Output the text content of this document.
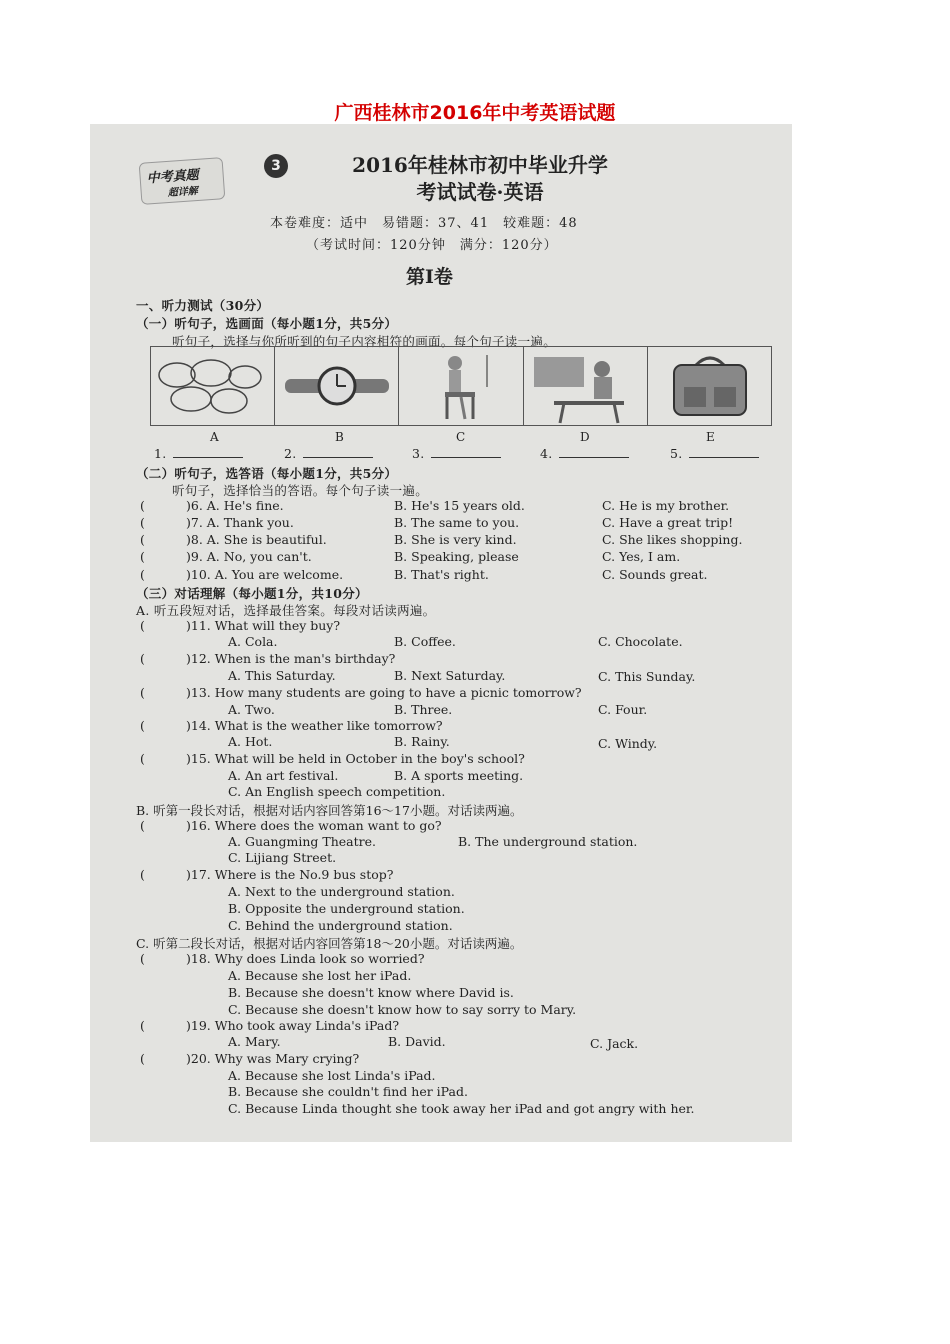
广西桂林市2016年中考英语试题
中考真题
超详解
3	2016年桂林市初中毕业升学
考试试卷·英语
本卷难度：适中　易错题：37、41　较难题：48
（考试时间：120分钟　满分：120分）
第Ⅰ卷
一、听力测试（30分）
（一）听句子，选画面（每小题1分，共5分）
听句子，选择与你所听到的句子内容相符的画面。每个句子读一遍。
A	B	C	D	E
1.	2.	3.	4.	5.
（二）听句子，选答语（每小题1分，共5分）
听句子，选择恰当的答语。每个句子读一遍。
(	)6. A. He's fine.	B. He's 15 years old.	C. He is my brother.
(	)7. A. Thank you.	B. The same to you.	C. Have a great trip!
(	)8. A. She is beautiful.	B. She is very kind.	C. She likes shopping.
(	)9. A. No, you can't.	B. Speaking, please	C. Yes, I am.
(	)10. A. You are welcome.	B. That's right.	C. Sounds great.
（三）对话理解（每小题1分，共10分）
A. 听五段短对话，选择最佳答案。每段对话读两遍。
(	)11. What will they buy?
A. Cola.	B. Coffee.	C. Chocolate.
(	)12. When is the man's birthday?
A. This Saturday.	B. Next Saturday.	C. This Sunday.
(	)13. How many students are going to have a picnic tomorrow?
A. Two.	B. Three.	C. Four.
(	)14. What is the weather like tomorrow?
A. Hot.	B. Rainy.	C. Windy.
(	)15. What will be held in October in the boy's school?
A. An art festival.	B. A sports meeting.
C. An English speech competition.
B. 听第一段长对话，根据对话内容回答第16～17小题。对话读两遍。
(	)16. Where does the woman want to go?
A. Guangming Theatre.	B. The underground station.
C. Lijiang Street.
(	)17. Where is the No.9 bus stop?
A. Next to the underground station.
B. Opposite the underground station.
C. Behind the underground station.
C. 听第二段长对话，根据对话内容回答第18～20小题。对话读两遍。
(	)18. Why does Linda look so worried?
A. Because she lost her iPad.
B. Because she doesn't know where David is.
C. Because she doesn't know how to say sorry to Mary.
(	)19. Who took away Linda's iPad?
A. Mary.	B. David.	C. Jack.
(	)20. Why was Mary crying?
A. Because she lost Linda's iPad.
B. Because she couldn't find her iPad.
C. Because Linda thought she took away her iPad and got angry with her.
